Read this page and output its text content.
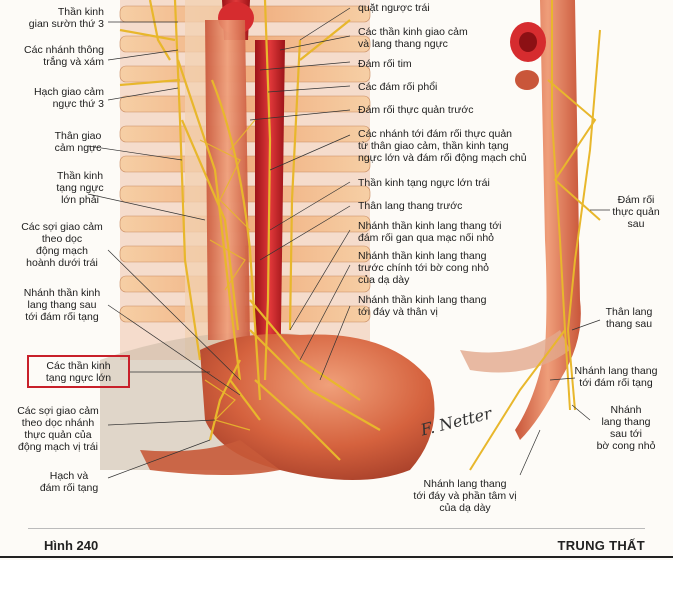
Thần kinh
gian sườn thứ 3
Các nhánh thông
trắng và xám
Hạch giao cảm
ngực thứ 3
Thân giao
cảm ngực
Thần kinh
tạng ngực
lớn phải
Các sợi giao cảm
theo dọc
động mạch
hoành dưới trái
Nhánh thần kinh
lang thang sau
tới đám rối tạng
Các thần kinh
tạng ngực lớn
Các sợi giao cảm
theo dọc nhánh
thực quản của
động mạch vị trái
Hạch và
đám rối tạng
quặt ngược trái
Các thần kinh giao cảm
và lang thang ngực
Đám rối tim
Các đám rối phổi
Đám rối thực quản trước
Các nhánh tới đám rối thực quản
từ thân giao cảm, thần kinh tạng
ngực lớn và đám rối động mạch chủ
Thần kinh tạng ngực lớn trái
Thân lang thang trước
Nhánh thần kinh lang thang tới
đám rối gan qua mạc nối nhỏ
Nhánh thần kinh lang thang
trước chính tới bờ cong nhỏ
của dạ dày
Nhánh thần kinh lang thang
tới đáy và thân vị
Đám rối
thực quản
sau
Thân lang
thang sau
Nhánh lang thang
tới đám rối tạng
Nhánh
lang thang
sau tới
bờ cong nhỏ
Nhánh lang thang
tới đáy và phần tâm vị
của dạ dày
F. Netter
Hình 240	TRUNG THẤT
